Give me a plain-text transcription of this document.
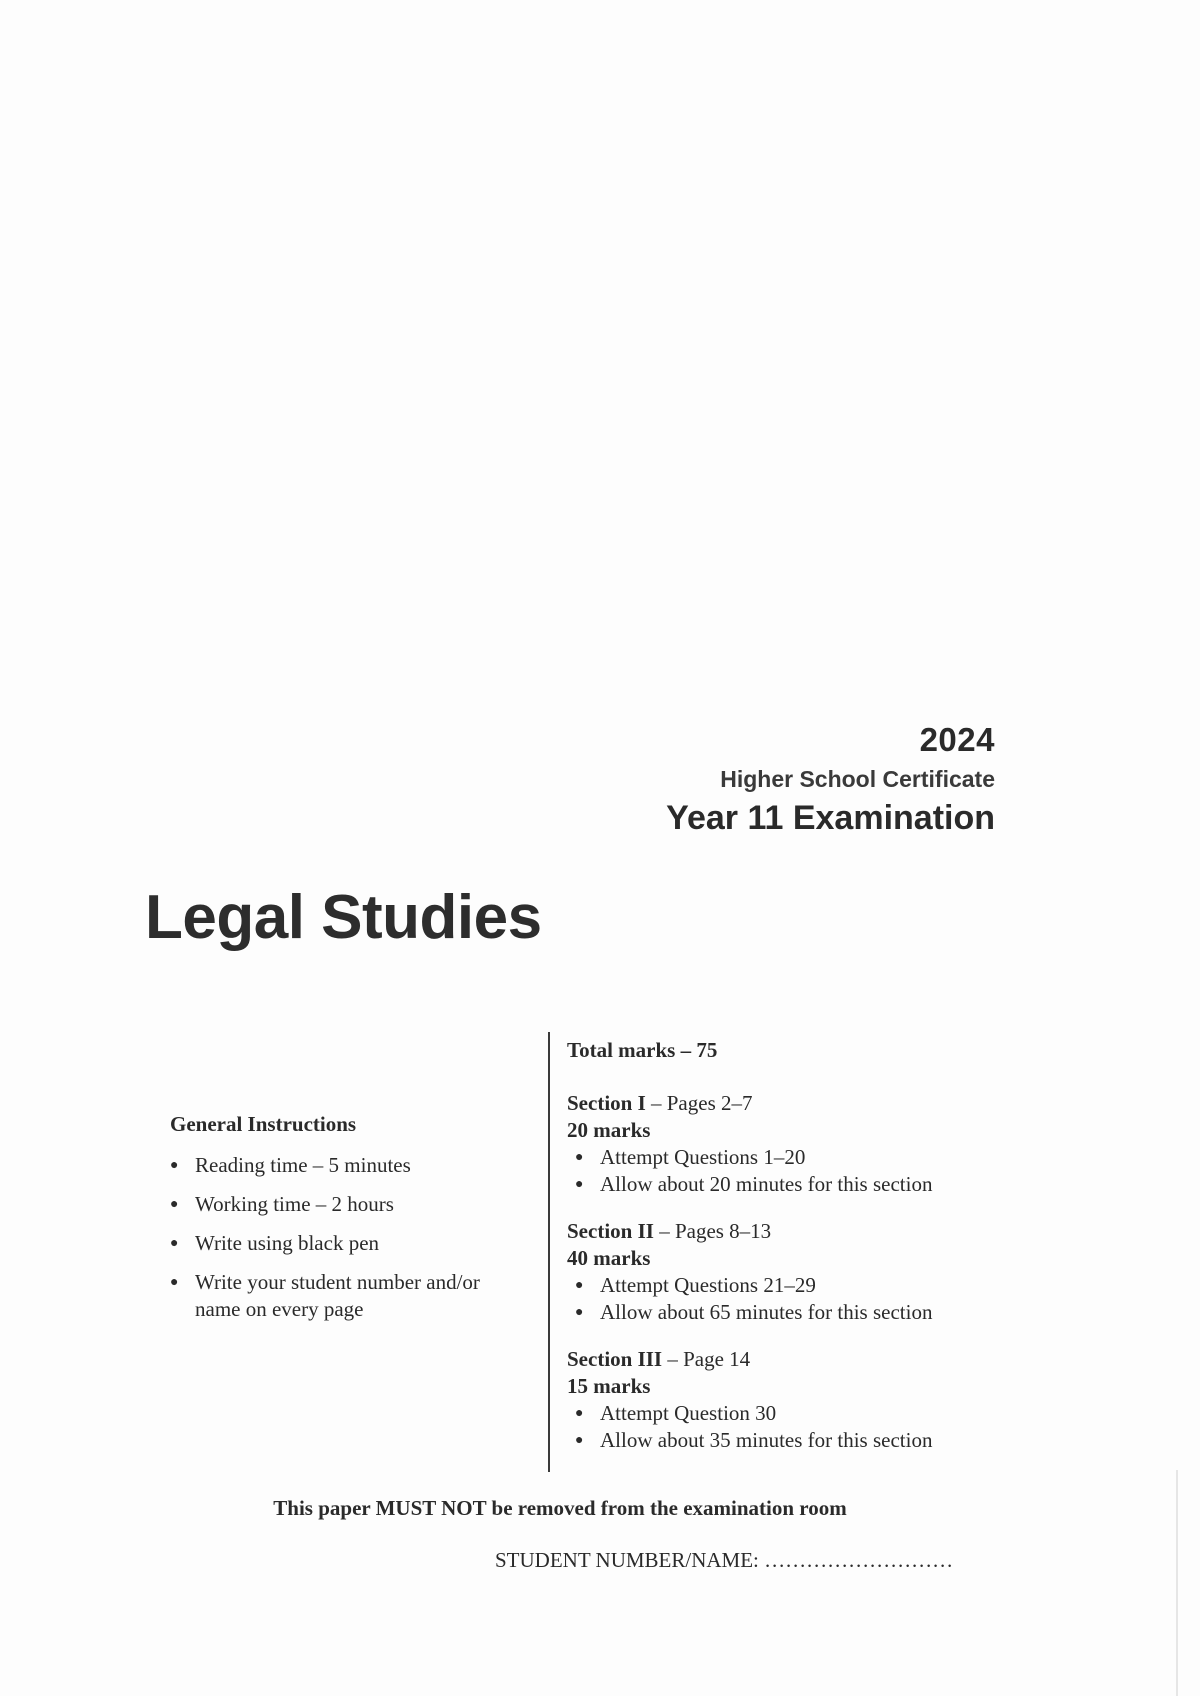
2024
Higher School Certificate
Year 11 Examination
Legal Studies
General Instructions
● Reading time – 5 minutes
● Working time – 2 hours
● Write using black pen
● Write your student number and/or name on every page
Total marks – 75
Section I – Pages 2–7
20 marks
● Attempt Questions 1–20
● Allow about 20 minutes for this section
Section II – Pages 8–13
40 marks
● Attempt Questions 21–29
● Allow about 65 minutes for this section
Section III – Page 14
15 marks
● Attempt Question 30
● Allow about 35 minutes for this section
This paper MUST NOT be removed from the examination room
STUDENT NUMBER/NAME: ………………………
